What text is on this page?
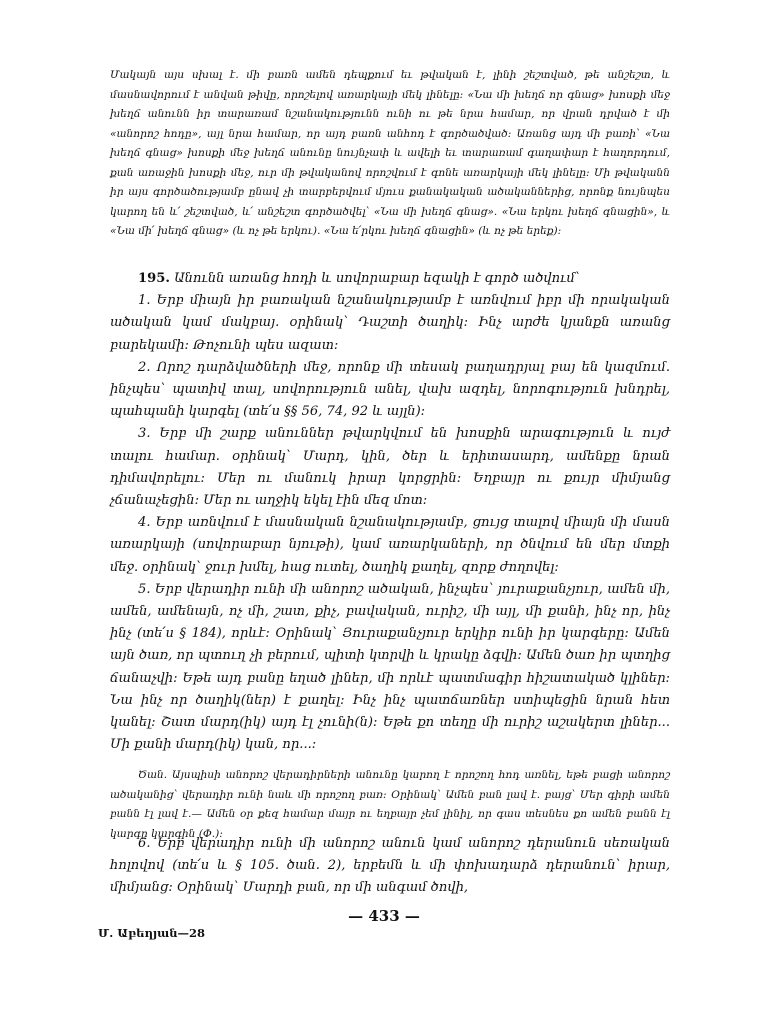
Մակայն այս սխալ է. մի բառն ամեն դեպքում եւ թվական է, լինի շեշտված, թե անշեշտ, և մասնավորում է անվան թիվը, որոշելով առարկայի մեկ լինելը։ «Նա մի խեղճ որ գնաց» խոսքի մեջ խեղճ անունն իր տարառամ նշանակությունն ունի ու թե նրա համար, որ վրան դրված է մի «անորոշ հոդը», այլ նրա համար, որ այդ բառն անհոդ է գործածված։ Առանց այդ մի բառի՝ «Նա խեղճ գնաց» խոսքի մեջ խեղճ անունը նույնչափ և ավելի եւ տարառամ գաղափար է հաղորդում, քան առաջին խոսքի մեջ, ուր մի թվականով որոշվում է գոնե առարկայի մեկ լինելը։ Մի թվականն իր այս գործածությամբ ընավ չի տարբերվում մյուս քանակական ածականներից, որոնք նույնպես կարող են և՛ շեշտված, և՛ անշեշտ գործածվել՝ «Նա մի խեղճ գնաց». «Նա երկու խեղճ գնացին», և «Նա մի՛ խեղճ գնաց» (և ոչ թե երկու). «Նա ե՛րկու խեղճ գնացին» (և ոչ թե երեք)։

195. Անունն առանց հոդի և սովորաբար եզակի է գործ ածվում՝

1. Երբ միայն իր բառական նշանակությամբ է առնվում իբր մի որակական ածական կամ մակբայ. օրինակ՝ Դաշտի ծաղիկ։ Ինչ արժե կյանքն առանց բարեկամի։ Թոչունի պես ազատ։

2. Որոշ դարձվածների մեջ, որոնք մի տեսակ բաղադրյալ բայ են կազմում. ինչպես՝ պատիվ տալ, սովորություն անել, վախ ազդել, նորոգություն խնդրել, պահպանի կարգել (տե՛ս §§ 56, 74, 92 և այլն)։

3. Երբ մի շարք անուններ թվարկվում են խոսքին արագություն և ույժ տալու համար. օրինակ՝ Մարդ, կին, ծեր և երիտասարդ, ամենքը նրան դիմավորելու։ Մեր ու մանուկ իրար կորցրին։ Եղբայր ու քույր միմյանց չճանաչեցին։ Մեր ու աղջիկ եկել էին մեզ մոտ։

4. Երբ առնվում է մասնական նշանակությամբ, ցույց տալով միայն մի մասն առարկայի (սովորաբար նյութի), կամ առարկաների, որ ծնվում են մեր մտքի մեջ. օրինակ՝ ջուր խմել, հաց ուտել, ծաղիկ քաղել, զորք ժողովել։

5. Երբ վերադիր ունի մի անորոշ ածական, ինչպես՝ յուրաքանչյուր, ամեն մի, ամեն, ամենայն, ոչ մի, շատ, քիչ, բավական, ուրիշ, մի այլ, մի քանի, ինչ որ, ինչ ինչ (տե՛ս § 184), որևէ։ Օրինակ՝ Յուրաքանչյուր երկիր ունի իր կարգերը։ Ամեն այն ծառ, որ պտուղ չի բերում, պիտի կտրվի և կրակը ձգվի։ Ամեն ծառ իր պտղից ճանաչվի։ Եթե այդ բանը եղած լիներ, մի որևէ պատմագիր հիշատակած կլիներ։ Նա ինչ որ ծաղիկ(ներ) է քաղել։ Ինչ ինչ պատճառներ ստիպեցին նրան հետ կանել։ Շատ մարդ(իկ) այդ էլ չունի(ն)։ Եթե քո տեղը մի ուրիշ աշակերտ լիներ... Մի քանի մարդ(իկ) կան, որ...։

Ծան. Այսպիսի անորոշ վերադիրների անունը կարող է որոշող հոդ առնել, եթե բացի անորոշ ածականից՝ վերադիր ունի նաև մի որոշող բառ։ Օրինակ՝ Ամեն բան լավ է. բայց՝ Մեր գիրի ամեն բանն էլ լավ է.— Ամեն օր քեզ համար մայր ու եղբայր չեմ լինիլ, որ գաս տեսնես քո ամեն բանն էլ կարգը կարգին (Փ.)։

6. Երբ վերադիր ունի մի անորոշ անուն կամ անորոշ դերանուն սեռական հոլովով (տե՛ս և § 105. ծան. 2), երբեմն և մի փոխադարձ դերանուն՝ իրար, միմյանց։ Օրինակ՝ Մարդի բան, որ մի անգամ ծովի,

— 433 —
Մ. Աբեղյան—28
